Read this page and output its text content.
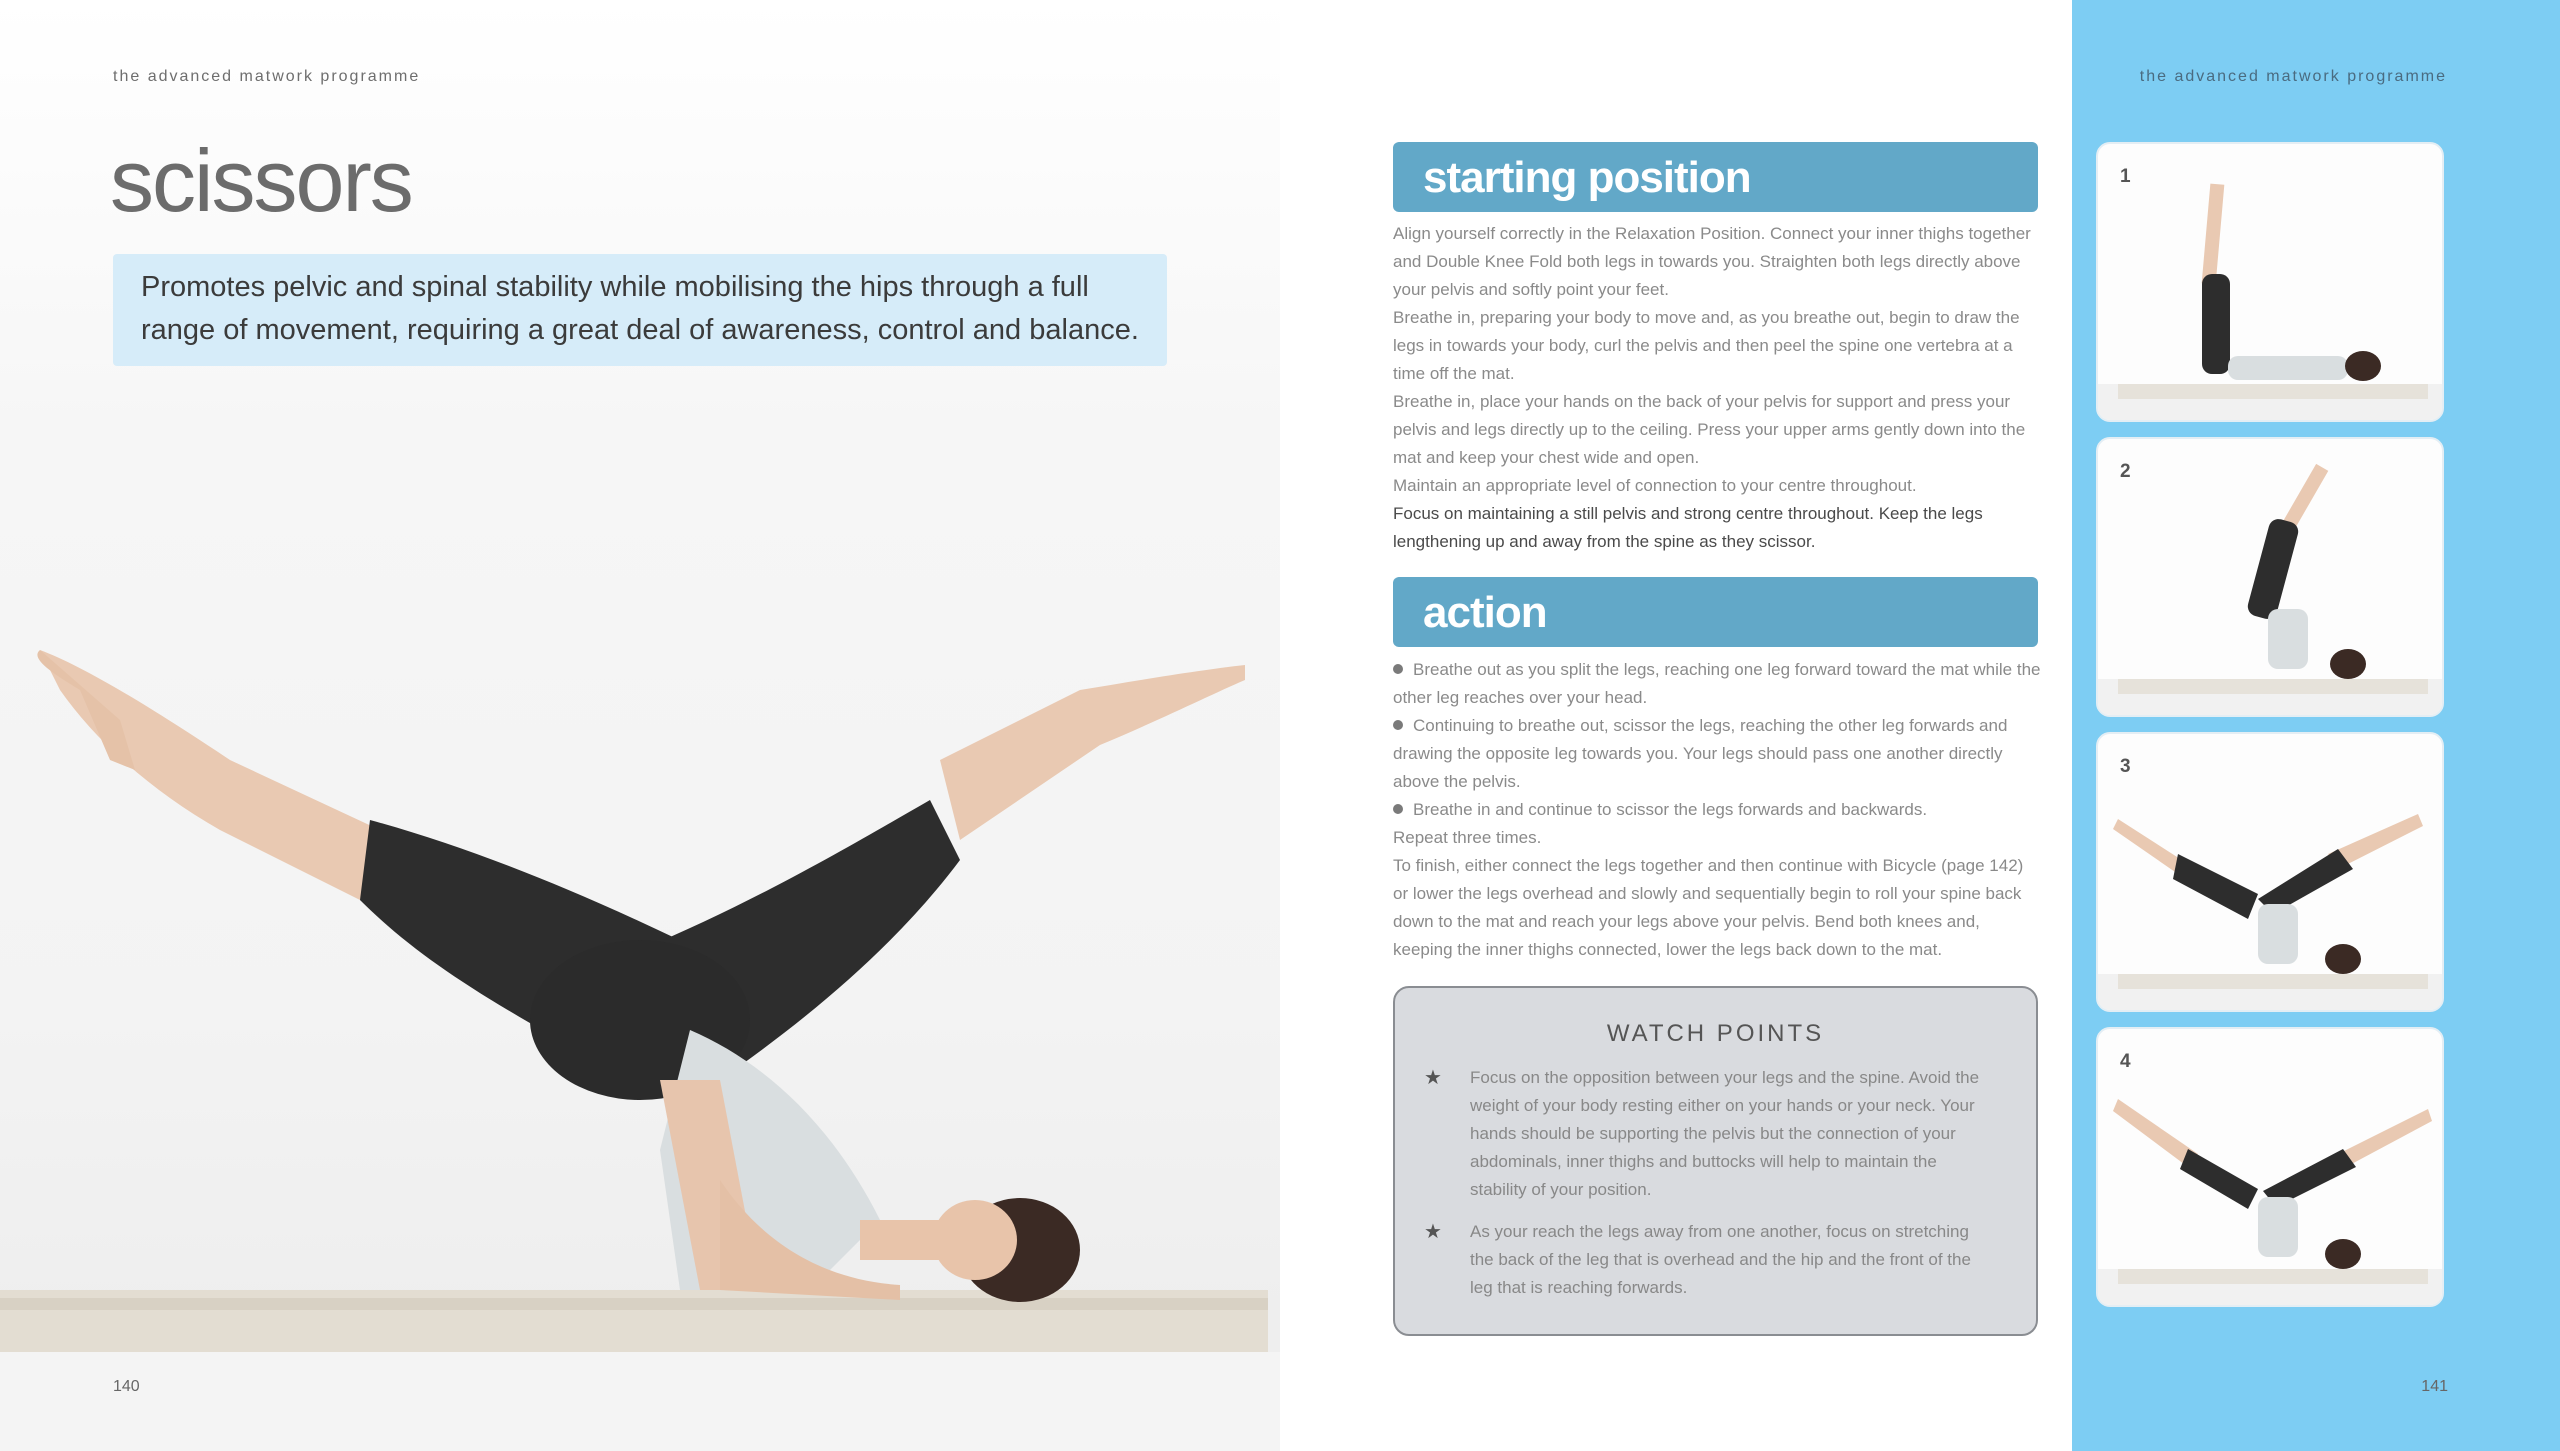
the advanced matwork programme
scissors
Promotes pelvic and spinal stability while mobilising the hips through a full range of movement, requiring a great deal of awareness, control and balance.
140
the advanced matwork programme
starting position

Align yourself correctly in the Relaxation Position. Connect your inner thighs together and Double Knee Fold both legs in towards you. Straighten both legs directly above your pelvis and softly point your feet.

Breathe in, preparing your body to move and, as you breathe out, begin to draw the legs in towards your body, curl the pelvis and then peel the spine one vertebra at a time off the mat.

Breathe in, place your hands on the back of your pelvis for support and press your pelvis and legs directly up to the ceiling. Press your upper arms gently down into the mat and keep your chest wide and open.

Maintain an appropriate level of connection to your centre throughout.

Focus on maintaining a still pelvis and strong centre throughout. Keep the legs lengthening up and away from the spine as they scissor.

action

Breathe out as you split the legs, reaching one leg forward toward the mat while the other leg reaches over your head.

Continuing to breathe out, scissor the legs, reaching the other leg forwards and drawing the opposite leg towards you. Your legs should pass one another directly above the pelvis.

Breathe in and continue to scissor the legs forwards and backwards.

Repeat three times.

To finish, either connect the legs together and then continue with Bicycle (page 142) or lower the legs overhead and slowly and sequentially begin to roll your spine back down to the mat and reach your legs above your pelvis. Bend both knees and, keeping the inner thighs connected, lower the legs back down to the mat.

WATCH POINTS
★ Focus on the opposition between your legs and the spine. Avoid the weight of your body resting either on your hands or your neck. Your hands should be supporting the pelvis but the connection of your abdominals, inner thighs and buttocks will help to maintain the stability of your position.
★ As your reach the legs away from one another, focus on stretching the back of the leg that is overhead and the hip and the front of the leg that is reaching forwards.
1
2
3
4
141
